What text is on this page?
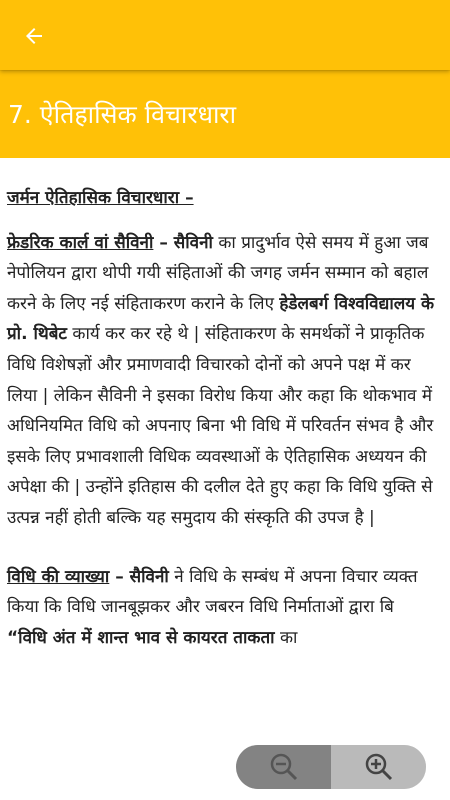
7. ऐतिहासिक विचारधारा

जर्मन ऐतिहासिक विचारधारा –

फ्रेडरिक कार्ल वां सैविनी – सैविनी का प्रादुर्भाव ऐसे समय में हुआ जब नेपोलियन द्वारा थोपी गयी संहिताओं की जगह जर्मन सम्मान को बहाल करने के लिए नई संहिताकरण कराने के लिए हेडेलबर्ग विश्वविद्यालय के प्रो. थिबेट कार्य कर कर रहे थे | संहिताकरण के समर्थकों ने प्राकृतिक विधि विशेषज्ञों और प्रमाणवादी विचारको दोनों को अपने पक्ष में कर लिया | लेकिन सैविनी ने इसका विरोध किया और कहा कि थोकभाव में अधिनियमित विधि को अपनाए बिना भी विधि में परिवर्तन संभव है और इसके लिए प्रभावशाली विधिक व्यवस्थाओं के ऐतिहासिक अध्ययन की अपेक्षा की | उन्होंने इतिहास की दलील देते हुए कहा कि विधि युक्ति से उत्पन्न नहीं होती बल्कि यह समुदाय की संस्कृति की उपज है |

विधि की व्याख्या – सैविनी ने विधि के सम्बंध में अपना विचार व्यक्त किया कि विधि जानबूझकर और जबरन विधि निर्माताओं द्वारा बि

“विधि अंत में शान्त भाव से कायरत ताकता का
